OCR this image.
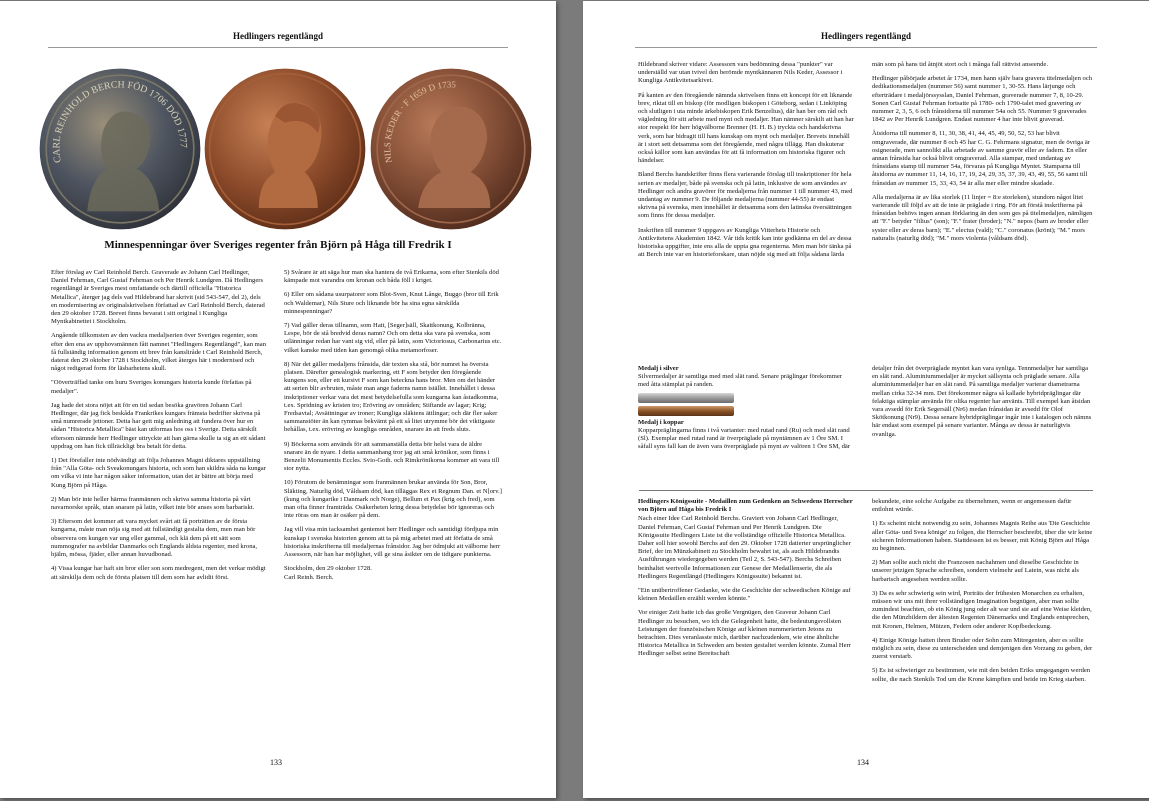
Hedlingers regentlängd
CARL REINHOLD BERCH FÖD 1706 DÖD 1777
NILS KEDER · F 1659 D 1735
Minnespenningar över Sveriges regenter från Björn på Håga till Fredrik I

Efter förslag av Carl Reinhold Berch. Graverade av Johann Carl Hedlinger, Daniel Fehrman, Carl Gustaf Fehrman och Per Henrik Lundgren. Då Hedlingers regentlängd är Sveriges mest omfattande och därtill officiella "Historica Metallica", återger jag dels vad Hildebrand har skrivit (sid 543-547, del 2), dels en modernisering av originalskrivelsen författad av Carl Reinhold Berch, daterad den 29 oktober 1728. Brevet finns bevarat i sitt original i Kungliga Myntkabinettet i Stockholm.

Angående tillkomsten av den vackra medaljserien över Sveriges regenter, som efter den ena av upphovsmännen fått namnet "Hedlingers Regentlängd", kan man få fullständig information genom ett brev från kansliråde t Carl Reinhold Berch, daterat den 29 oktober 1728 i Stockholm, vilket återges här i modernised och något redigerad form för läsbarhetens skull.

"Oöverträffad tanke om huru Sveriges konungars historia kunde författas på medaljer".

Jag hade det stora nöjet att för en tid sedan besöka gravören Johann Carl Hedlinger, där jag fick beskåda Frankrikes kungars främsta bedrifter skrivna på små numrerade jettoner. Detta har gett mig anledning att fundera över hur en sådan "Historica Metallica" bäst kan utformas hos oss i Sverige. Detta särskilt eftersom nämnde herr Hedlinger uttryckte att han gärna skulle ta sig an ett sådant uppdrag om han fick tillräckligt bra betalt för detta.

1) Det förefaller inte nödvändigt att följa Johannes Magni diktares uppställning från "Alla Göta- och Sveakonungars historia, och som han skildra såda na kungar om vilka vi inte har någon säker information, utan det är bättre att börja med Kung Björn på Håga.

2) Man bör inte heller härma franmännen och skriva samma historia på vårt navarnorske språk, utan snarare på latin, vilket inte bör anses som barbariskt.

3) Eftersom det kommer att vara mycket svårt att få porträtten av de första kungarna, måste man nöja sig med att fullständigt gestalta dem, men man bör observera om kungen var ung eller gammal, och klä dem på ett sätt som nummografer na avbildar Danmarks och Englands äldsta regenter, med krona, hjälm, mössa, fjäder, eller annan huvudbonad.

4) Vissa kungar har haft sin bror eller son som medregent, men det verkar mödigt att särskilja dem och de första platsen till dem som har avlidit först.

5) Svårare är att säga hur man ska hantera de två Erikarna, som efter Stenkils död kämpade mot varandra om kronan och båda föll i kriget.

6) Eller om sådana usurpatorer som Blot-Sven, Knut Långe, Buggo (bror till Erik och Waldemar), Nils Sture och liknande bör ha sina egna särskilda minnespenningar?

7) Vad gäller deras tillnamn, som Hatt, [Seger]säll, Skattkonung, Kolbränna, Lespe, bör de stå bredvid deras namn? Och om detta ska vara på svenska, som utlänningar redan har vant sig vid, eller på latin, som Victoriosus, Carbonarius etc. vilket kanske med tiden kan genomgå olika metamorfoser.

8) När det gäller medaljens frånsida, där texten ska stå, bör numret ha översta platsen. Därefter genealogisk markering, ett F som betyder den föregående kungens son, eller ett kursivt F som kan beteckna hans bror. Men om det händer att serien blir avbruten, måste man ange faderns namn istället. Innehållet i dessa inskriptioner verkar vara det mest betydelsefulla som kungarna kan åstadkomma, t.ex. Spridning av kristen tro; Erövring av områden; Stiftande av lagar; Krig; Fredsavtal; Avsättningar av troner; Kungliga släktens ättlingar; och där fler saker sammanstöter än kan rymmas bekvämt på ett så litet utrymme bör det viktigaste behållas, t.ex. erövring av kungliga områden, snarare än att freds sluts.

9) Böckerna som används för att sammanställa detta bör helst vara de äldre snarare än de nyare. I detta sammanhang tror jag att små krönikor, som finns i Benzelii Monumentis Eccles. Svio-Goth. och Rimkrönikorna kommer att vara till stor nytta.

10) Förutom de benämningar som franmännen brukar använda för Son, Bror, Släkting, Naturlig död, Våldsam död, kan tilläggas Rex et Regnum Dan. et N[orv.] (kung och kungarike i Danmark och Norge), Bellum et Pax (krig och fred), som man ofta finner framträda. Osäkerheten kring dessa betydelse bör ignoreras och inte röras om man är osäker på dem.

Jag vill visa min tacksamhet gentemot herr Hedlinger och samtidigt fördjupa min kunskap i svenska historien genom att ta på mig arbetet med att författa de små historiska inskrifterna till medaljernas frånsidor. Jag ber ödmjukt att välborne herr Assessorn, när han har möjlighet, vill ge sina åsikter om de tidigare punkterna.

Stockholm, den 29 oktober 1728.
Carl Reinh. Berch.

133
Hedlingers regentlängd

Hildebrand skriver vidare: Assessorn vars bedömning dessa "punkter" var underställd var utan tvivel den berömde myntkännaren Nils Keder, Assessor i Kungliga Antikvitetsarkivet.

På kanten av den föregående nämnda skrivelsen finns ett koncept för ett liknande brev, riktat till en biskop (för modligen biskopen i Göteborg, sedan i Linköping och slutligen i uta minde ärkebiskopen Erik Benzelius), där han ber om råd och vägledning för sitt arbete med mynt och medaljer. Han nämner särskilt att han har stor respekt för herr högvälborne Brenner (H. H. B.) tryckta och handskrivna verk, som har bidragit till hans kunskap om mynt och medaljer. Brevets innehåll är i stort sett detsamma som det föregående, med några tillägg. Han diskuterar också källor som kan användas för att få information om historiska figurer och händelser.

Bland Berchs handskrifter finns flera varierande förslag till inskriptioner för hela serien av medaljer, både på svenska och på latin, inklusive de som användes av Hedlinger och andra gravörer för medaljerna från nummer 1 till nummer 43, med undantag av nummer 9. De följande medaljerna (nummer 44-55) är endast skrivna på svenska, men innehållet är detsamma som den latinska översättningen som finns för dessa medaljer.

Inskriften till nummer 9 uppgavs av Kungliga Vitterhets Historie och Antikvitetens Akademien 1842. Vår tids kritik kan inte godkänna en del av dessa historiska uppgifter, inte ens alla de uppta gna regenterna. Men man bör tänka på att Berch inte var en historieforskare, utan nöjde sig med att följa sådana lärda

män som på hans tid åtnjöt stort och i många fall rättvist anseende.

Hedlinger påbörjade arbetet år 1734, men hann själv bara gravera titelmedaljen och dedikationsmedaljen (nummer 56) samt nummer 1, 30-55. Hans lärjunge och efterträdare i medaljörssysslan, Daniel Fehrman, graverade nummer 7, 8, 10-29. Sonen Carl Gustaf Fehrman fortsatte på 1780- och 1790-talet med gravering av nummer 2, 3, 5, 6 och frånsidorna till nummer 54a och 55. Nummer 9 graverades 1842 av Per Henrik Lundgren. Endast nummer 4 har inte blivit graverad.

Åtsidorna till nummer 8, 11, 30, 38, 41, 44, 45, 49, 50, 52, 53 har blivit omgraverade, där nummer 8 och 45 har C. G. Fehrmans signatur, men de övriga är osignerade, men sannolikt alla arbetade av samme gravör eller av fadern. En eller annan frånsida har också blivit omgraverad. Alla stampar, med undantag av frånsidans stamp till nummer 54a, förvaras på Kungliga Myntet. Stamparna till åtsidorna av nummer 11, 14, 16, 17, 19, 24, 29, 35, 37, 39, 43, 49, 55, 56 samt till frånsidan av nummer 15, 33, 43, 54 är alla mer eller mindre skadade.

Alla medaljerna är av lika storlek (11 linjer = 8:e storleken), stundom något litet varierande till följd av att de inte är präglade i ring. För att förstå inskrifterna på frånsidan behövs ingen annan förklaring än den som ges på titelmedaljen, nämligen att "F." betyder "filius" (son); "F." frater (broder); "N." nepos (barn av broder eller syster eller av deras barn); "E." electus (vald); "C." coronatus (krönt); "M." mors naturalis (naturlig död); "M." mors violenta (våldsam död).

Medalj i silver
Silvermedaljer är samtliga med med slät rand. Senare präglingar förekommer med åtta stämplat på randen.
Medalj i koppar
Kopparpräglingarna finns i två varianter: med rutad rand (Ru) och med slät rand (Sl). Exemplar med rutad rand är överpräglade på myntämnen av 1 Öre SM. I såfall syns fall kan de även vara överpräglade på mynt av valören 1 Öre SM, där
detaljer från det överpräglade myntet kan vara synliga. Tennmedaljer har samtliga en slät rand. Aluminiummedaljer är mycket sällsynta och präglade senare. Alla aluminiummedaljer har en slät rand. På samtliga medaljer varierar diametrarna mellan cirka 32-34 mm. Det förekommer några så kallade hybridpräglingar där felaktiga stämplar använda för olika regenter har använts. Till exempel kan åtsidan vara avsedd för Erik Segersäll (Nr6) medan frånsidan är avsedd för Olof Skötkonung (Nr9). Dessa senare hybridpräglingar ingår inte i katalogen och nämns här endast som exempel på senare varianter. Många av dessa är naturligtvis ovanliga.
Hedlingers Königssuite - Medaillen zum Gedenken an Schwedens Herrscher von Björn auf Håga bis Fredrik I

Nach einer Idee Carl Reinhold Berchs. Graviert von Johann Carl Hedlinger, Daniel Fehrman, Carl Gustaf Fehrman und Per Henrik Lundgren. Die Königssuite Hedlingers Liste ist die vollständige offizielle Historica Metallica. Daher soll hier sowohl Berchs auf den 29. Oktober 1728 datierter ursprünglicher Brief, der im Münzkabinett zu Stockholm bewahrt ist, als auch Hildebrandts Ausführungen wiedergegeben werden (Teil 2, S. 543-547). Berchs Schreiben beinhaltet wertvolle Informationen zur Genese der Medaillenserie, die als Hedlingers Regentlängd (Hedlingers Königssuite) bekannt ist.

"Ein unübertroffener Gedanke, wie die Geschichte der schwedischen Könige auf kleinen Medaillen erzählt werden könnte."

Vor einiger Zeit hatte ich das große Vergnügen, den Graveur Johann Carl Hedlinger zu besuchen, wo ich die Gelegenheit hatte, die bedeutungsvollsten Leistungen der französischen Könige auf kleinen nummerierten Jetons zu betrachten. Dies veranlasste mich, darüber nachzudenken, wie eine ähnliche Historica Metallica in Schweden am besten gestaltet werden könnte. Zumal Herr Hedlinger selbst seine Bereitschaft

bekundete, eine solche Aufgabe zu übernehmen, wenn er angemessen dafür entlohnt würde.

1) Es scheint nicht notwendig zu sein, Johannes Magnis Reihe aus 'Die Geschichte aller Göta- und Svea könige' zu folgen, die Herrscher beschreibt, über die wir keine sicheren Informationen haben. Stattdessen ist es besser, mit König Björn auf Håga zu beginnen.

2) Man sollte auch nicht die Franzosen nachahmen und dieselbe Geschichte in unserer jetzigen Sprache schreiben, sondern vielmehr auf Latein, was nicht als barbarisch angesehen werden sollte.

3) Da es sehr schwierig sein wird, Porträts der frühesten Monarchen zu erhalten, müssen wir uns mit ihrer vollständigen Imagination begnügen, aber man sollte zumindest beachten, ob ein König jung oder alt war und sie auf eine Weise kleiden, die den Münzbildern der ältesten Regenten Dänemarks und Englands entsprechen, mit Kronen, Helmen, Mützen, Federn oder anderer Kopfbedeckung.

4) Einige Könige hatten ihren Bruder oder Sohn zum Mitregenten, aber es sollte möglich zu sein, diese zu unterscheiden und demjenigen den Vorzang zu geben, der zuerst verstarb.

5) Es ist schwieriger zu bestimmen, wie mit den beiden Eriks umgegangen werden sollte, die nach Stenkils Tod um die Krone kämpften und beide im Krieg starben.

134
